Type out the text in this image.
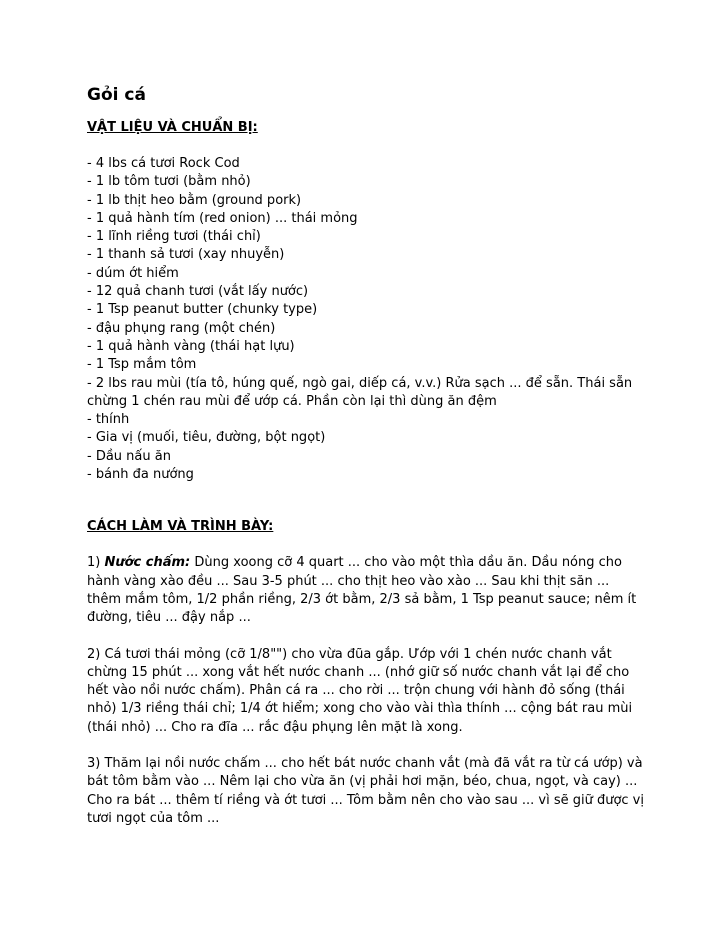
Gỏi cá
VẬT LIỆU VÀ CHUẨN BỊ:
- 4 lbs cá tươi Rock Cod
- 1 lb tôm tươi (bằm nhỏ)
- 1 lb thịt heo bằm (ground pork)
- 1 quả hành tím (red onion) ... thái mỏng
- 1 lĩnh riềng tươi (thái chỉ)
- 1 thanh sả tươi (xay nhuyễn)
- dúm ớt hiểm
- 12 quả chanh tươi (vắt lấy nước)
- 1 Tsp peanut butter (chunky type)
- đậu phụng rang (một chén)
- 1 quả hành vàng (thái hạt lựu)
- 1 Tsp mắm tôm
- 2 lbs rau mùi (tía tô, húng quế, ngò gai, diếp cá, v.v.) Rửa sạch ... để sẵn. Thái sẵn chừng 1 chén rau mùi để ướp cá. Phần còn lại thì dùng ăn đệm
- thính
- Gia vị (muối, tiêu, đường, bột ngọt)
- Dầu nấu ăn
- bánh đa nướng
CÁCH LÀM VÀ TRÌNH BÀY:

1) Nước chấm: Dùng xoong cỡ 4 quart ... cho vào một thìa dầu ăn. Dầu nóng cho hành vàng xào đều ... Sau 3-5 phút ... cho thịt heo vào xào ... Sau khi thịt săn ... thêm mắm tôm, 1/2 phần riềng, 2/3 ớt bằm, 2/3 sả bằm, 1 Tsp peanut sauce; nêm ít đường, tiêu ... đậy nắp ...

2) Cá tươi thái mỏng (cỡ 1/8"") cho vừa đũa gắp. Ướp với 1 chén nước chanh vắt chừng 15 phút ... xong vắt hết nước chanh ... (nhớ giữ số nước chanh vắt lại để cho hết vào nồi nước chấm). Phân cá ra ... cho rời ... trộn chung với hành đỏ sống (thái nhỏ) 1/3 riềng thái chỉ; 1/4 ớt hiểm; xong cho vào vài thìa thính ... cộng bát rau mùi (thái nhỏ) ... Cho ra đĩa ... rắc đậu phụng lên mặt là xong.

3) Thăm lại nồi nước chấm ... cho hết bát nước chanh vắt (mà đã vắt ra từ cá ướp) và bát tôm bằm vào ... Nêm lại cho vừa ăn (vị phải hơi mặn, béo, chua, ngọt, và cay) ... Cho ra bát ... thêm tí riềng và ớt tươi ... Tôm bằm nên cho vào sau ... vì sẽ giữ được vị tươi ngọt của tôm ...
